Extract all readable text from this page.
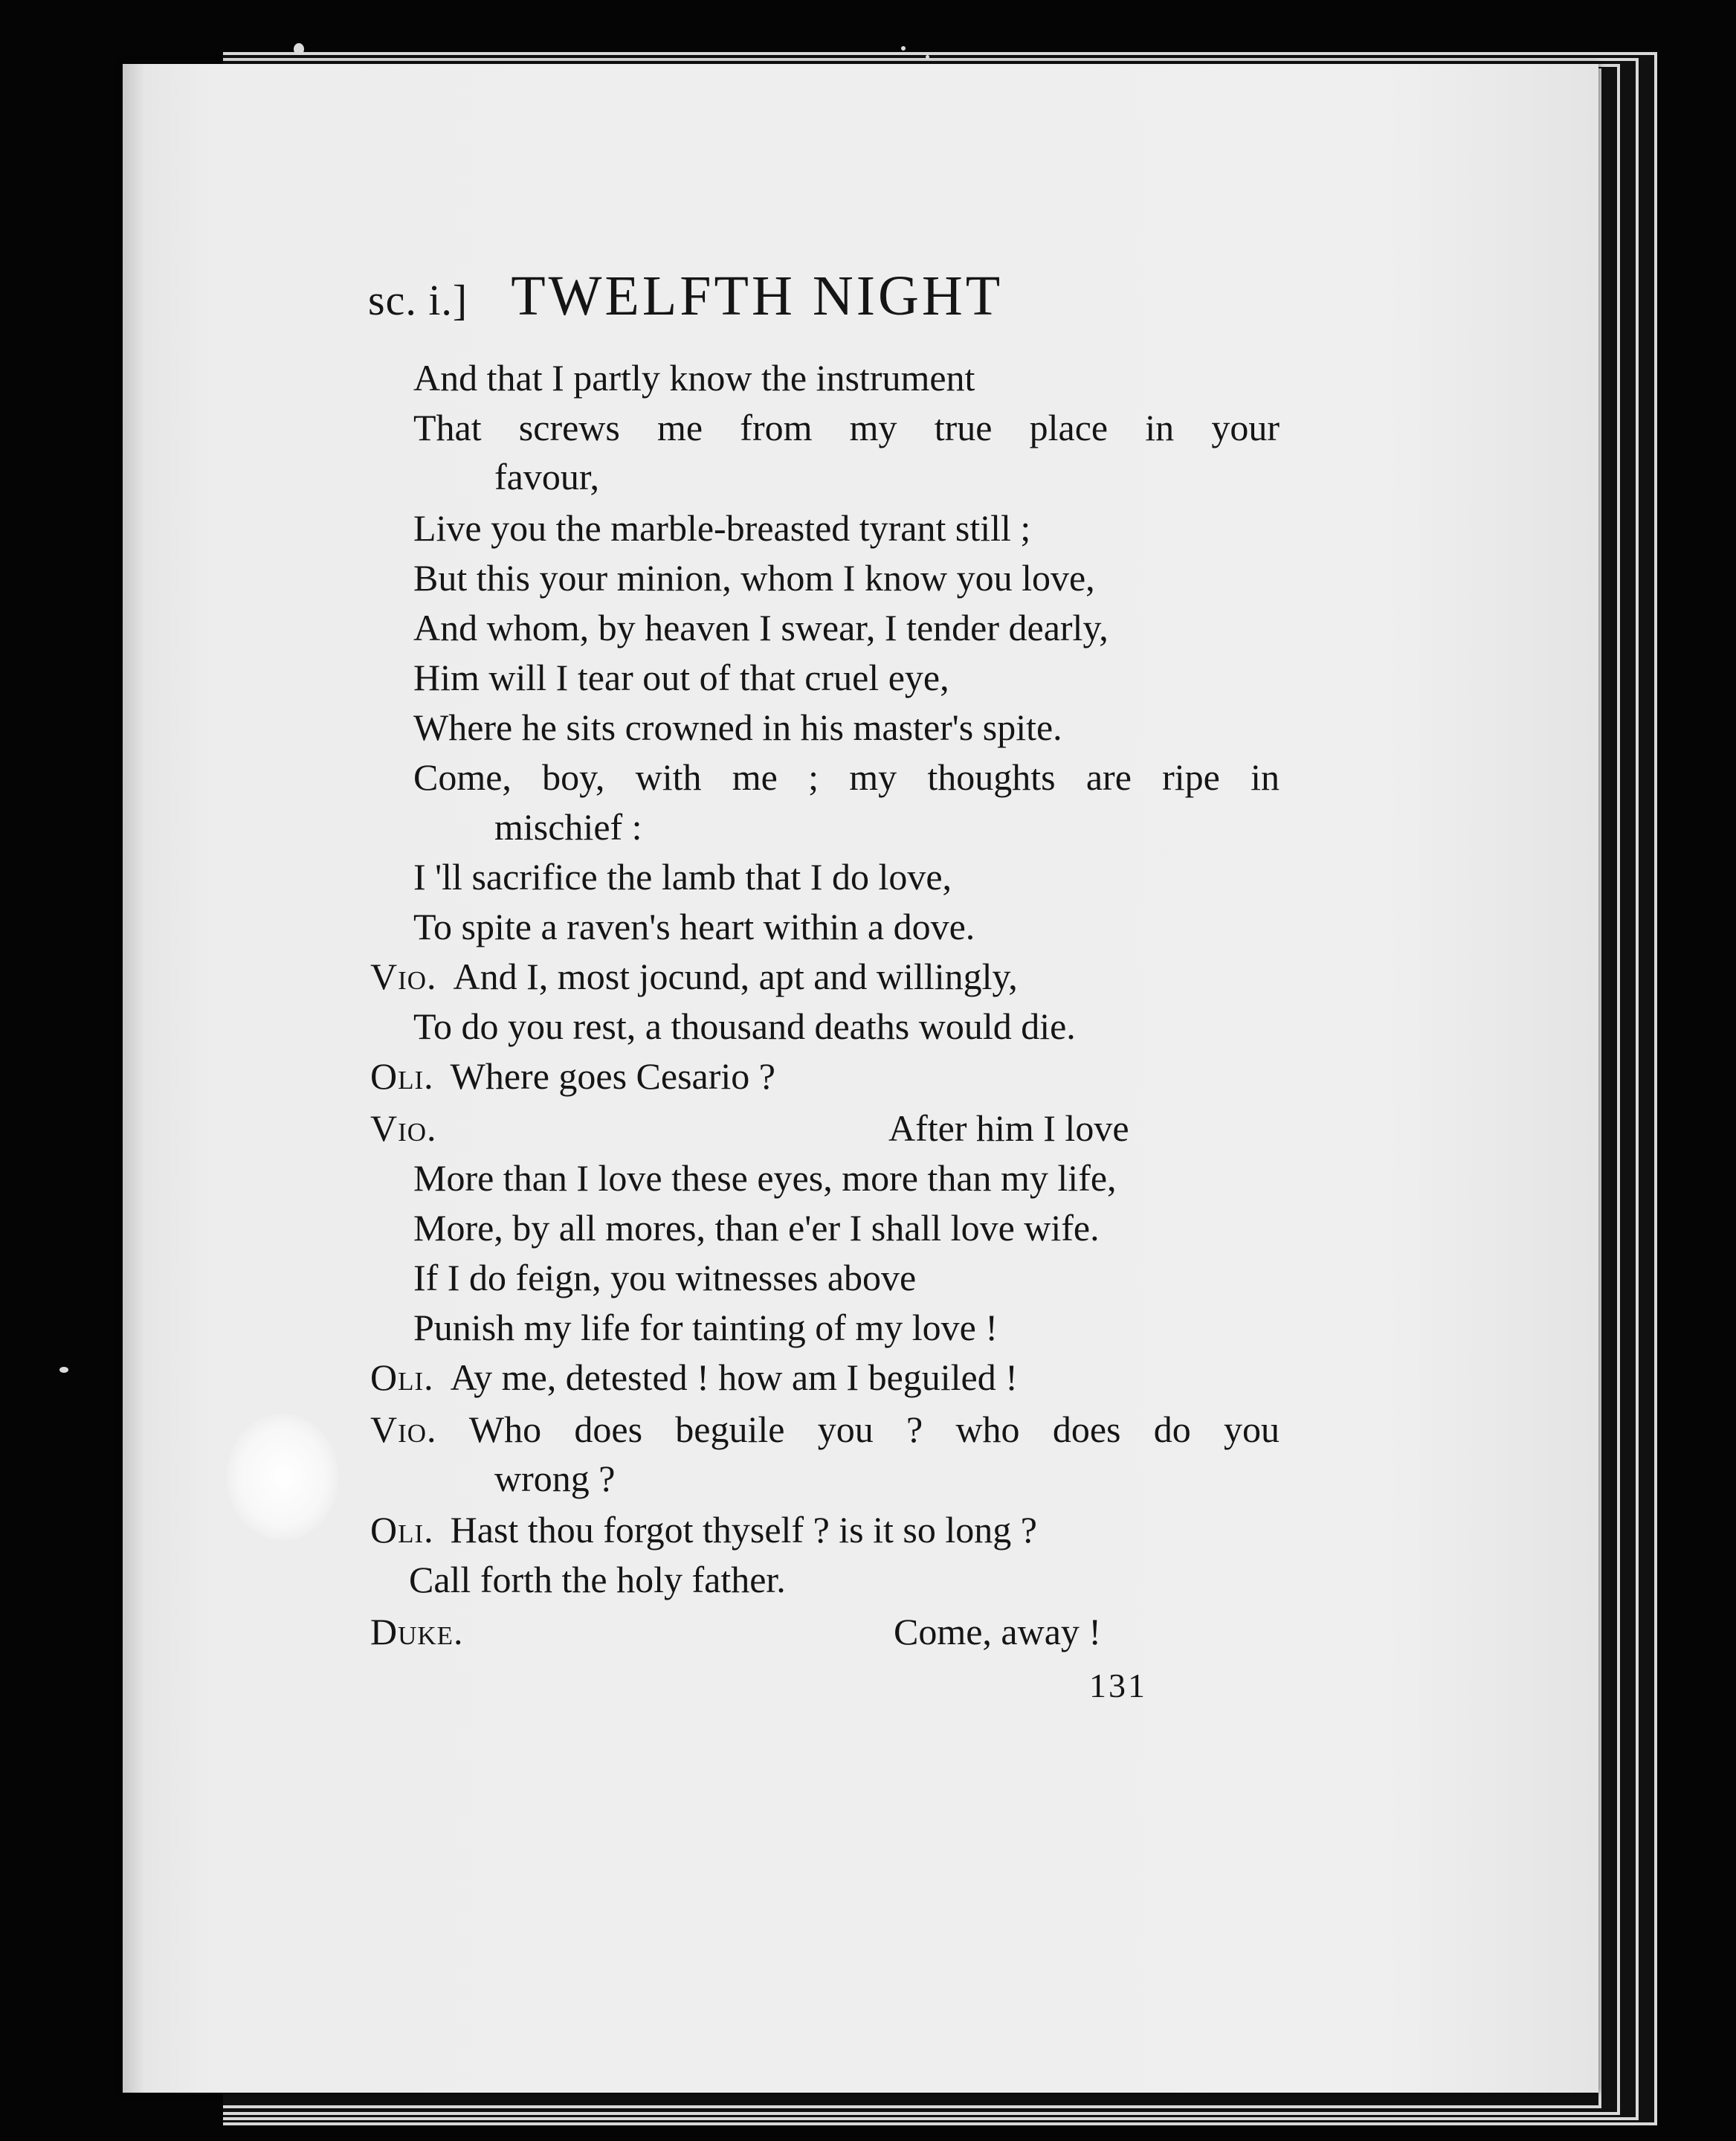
sc. i.] TWELFTH NIGHT
And that I partly know the instrument
That screws me from my true place in your
favour,
Live you the marble-breasted tyrant still ;
But this your minion, whom I know you love,
And whom, by heaven I swear, I tender dearly,
Him will I tear out of that cruel eye,
Where he sits crowned in his master's spite.
Come, boy, with me ; my thoughts are ripe in
mischief :
I 'll sacrifice the lamb that I do love,
To spite a raven's heart within a dove.
Vio. And I, most jocund, apt and willingly,
To do you rest, a thousand deaths would die.
Oli. Where goes Cesario ?
Vio.	After him I love
More than I love these eyes, more than my life,
More, by all mores, than e'er I shall love wife.
If I do feign, you witnesses above
Punish my life for tainting of my love !
Oli. Ay me, detested ! how am I beguiled !
Vio. Who does beguile you ? who does do you
wrong ?
Oli. Hast thou forgot thyself ? is it so long ?
Call forth the holy father.
Duke.	Come, away !
131
